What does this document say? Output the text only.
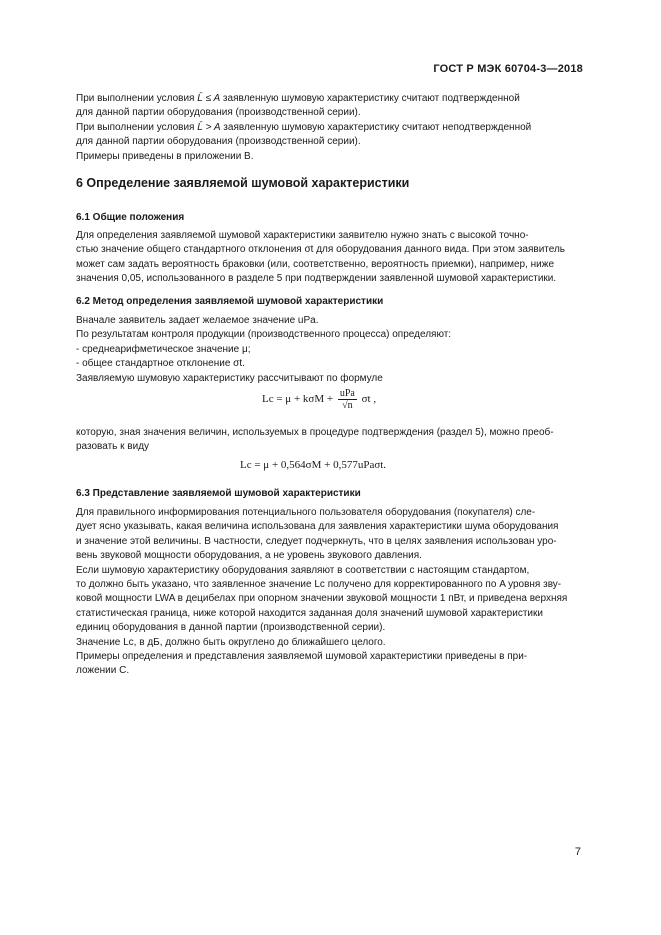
ГОСТ Р МЭК 60704-3—2018
При выполнении условия L̄ ≤ A заявленную шумовую характеристику считают подтвержденной
для данной партии оборудования (производственной серии).
При выполнении условия L̄ > A заявленную шумовую характеристику считают неподтвержденной
для данной партии оборудования (производственной серии).
Примеры приведены в приложении В.
6 Определение заявляемой шумовой характеристики
6.1 Общие положения
Для определения заявляемой шумовой характеристики заявителю нужно знать с высокой точно-
стью значение общего стандартного отклонения σt для оборудования данного вида. При этом заявитель
может сам задать вероятность браковки (или, соответственно, вероятность приемки), например, ниже
значения 0,05, использованного в разделе 5 при подтверждении заявленной шумовой характеристики.
6.2 Метод определения заявляемой шумовой характеристики
Вначале заявитель задает желаемое значение uPa.
По результатам контроля продукции (производственного процесса) определяют:
- среднеарифметическое значение μ;
- общее стандартное отклонение σt.
Заявляемую шумовую характеристику рассчитывают по формуле
$Lc = \mu + k\sigma M + \frac{\text{uPa}}{√n}$ σt ,
которую, зная значения величин, используемых в процедуре подтверждения (раздел 5), можно преоб-
разовать к виду
Lc = μ + 0,564σM + 0,577uPaσt.
6.3 Представление заявляемой шумовой характеристики
Для правильного информирования потенциального пользователя оборудования (покупателя) сле-
дует ясно указывать, какая величина использована для заявления характеристики шума оборудования
и значение этой величины. В частности, следует подчеркнуть, что в целях заявления использован уро-
вень звуковой мощности оборудования, а не уровень звукового давления.
Если шумовую характеристику оборудования заявляют в соответствии с настоящим стандартом,
то должно быть указано, что заявленное значение Lc получено для корректированного по A уровня зву-
ковой мощности LWA в децибелах при опорном значении звуковой мощности 1 пВт, и приведена верхняя
статистическая граница, ниже которой находится заданная доля значений шумовой характеристики
единиц оборудования в данной партии (производственной серии).
Значение Lc, в дБ, должно быть округлено до ближайшего целого.
Примеры определения и представления заявляемой шумовой характеристики приведены в при-
ложении С.
7
